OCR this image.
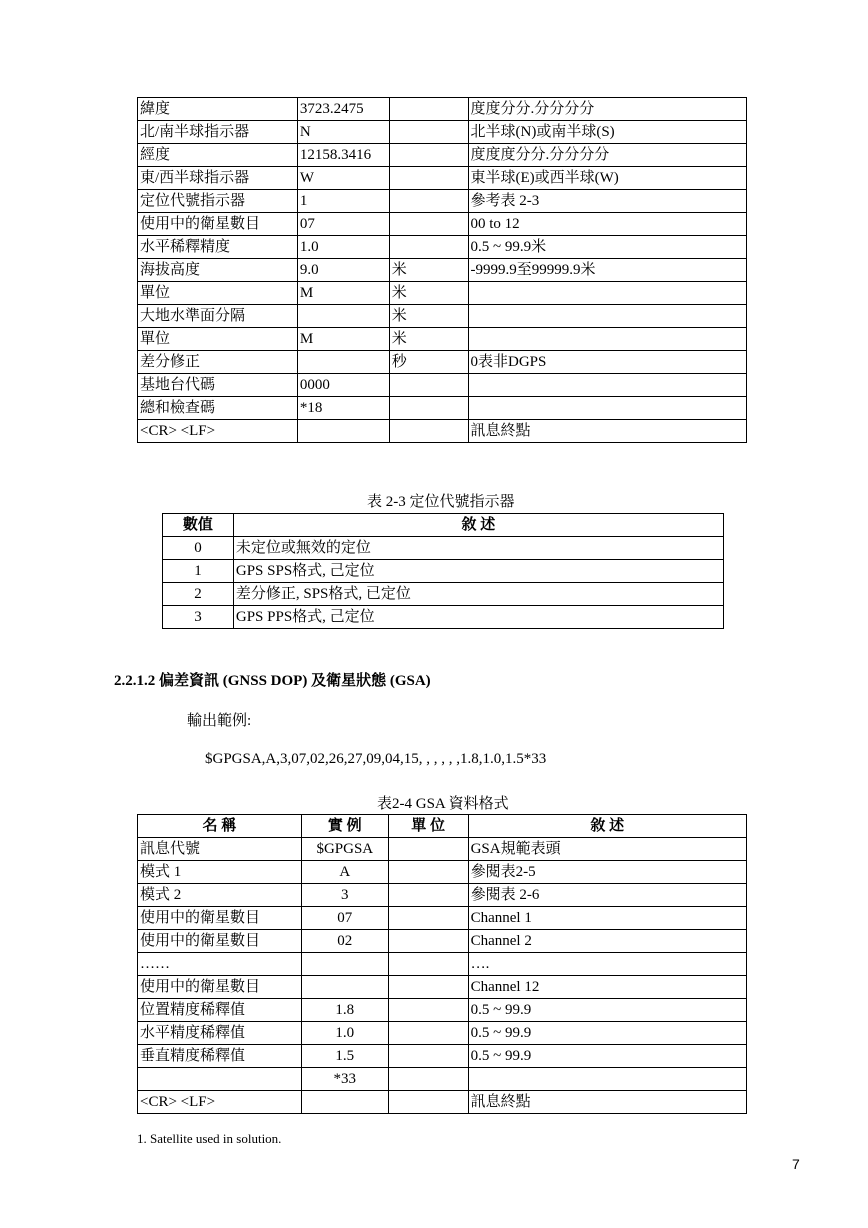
緯度	3723.2475		度度分分.分分分分
北/南半球指示器	N		北半球(N)或南半球(S)
經度	12158.3416		度度度分分.分分分分
東/西半球指示器	W		東半球(E)或西半球(W)
定位代號指示器	1		參考表 2-3
使用中的衛星數目	07		00 to 12
水平稀釋精度	1.0		0.5 ~ 99.9米
海拔高度	9.0	米	-9999.9至99999.9米
單位	M	米	
大地水準面分隔		米	
單位	M	米	
差分修正		秒	0表非DGPS
基地台代碼	0000		
總和檢查碼	*18		
<CR> <LF>			訊息終點
表 2-3 定位代號指示器
數值	敘 述
0	未定位或無效的定位
1	GPS SPS格式, 己定位
2	差分修正, SPS格式, 已定位
3	GPS PPS格式, 己定位
2.2.1.2 偏差資訊 (GNSS DOP) 及衛星狀態 (GSA)
輸出範例:
$GPGSA,A,3,07,02,26,27,09,04,15, , , , , ,1.8,1.0,1.5*33
表2-4 GSA 資料格式
名 稱	實 例	單 位	敘 述
訊息代號	$GPGSA		GSA規範表頭
模式 1	A		參閱表2-5
模式 2	3		參閱表 2-6
使用中的衛星數目	07		Channel 1
使用中的衛星數目	02		Channel 2
……			….
使用中的衛星數目			Channel 12
位置精度稀釋值	1.8		0.5 ~ 99.9
水平精度稀釋值	1.0		0.5 ~ 99.9
垂直精度稀釋值	1.5		0.5 ~ 99.9
	*33		
<CR> <LF>			訊息終點
1. Satellite used in solution.
7
